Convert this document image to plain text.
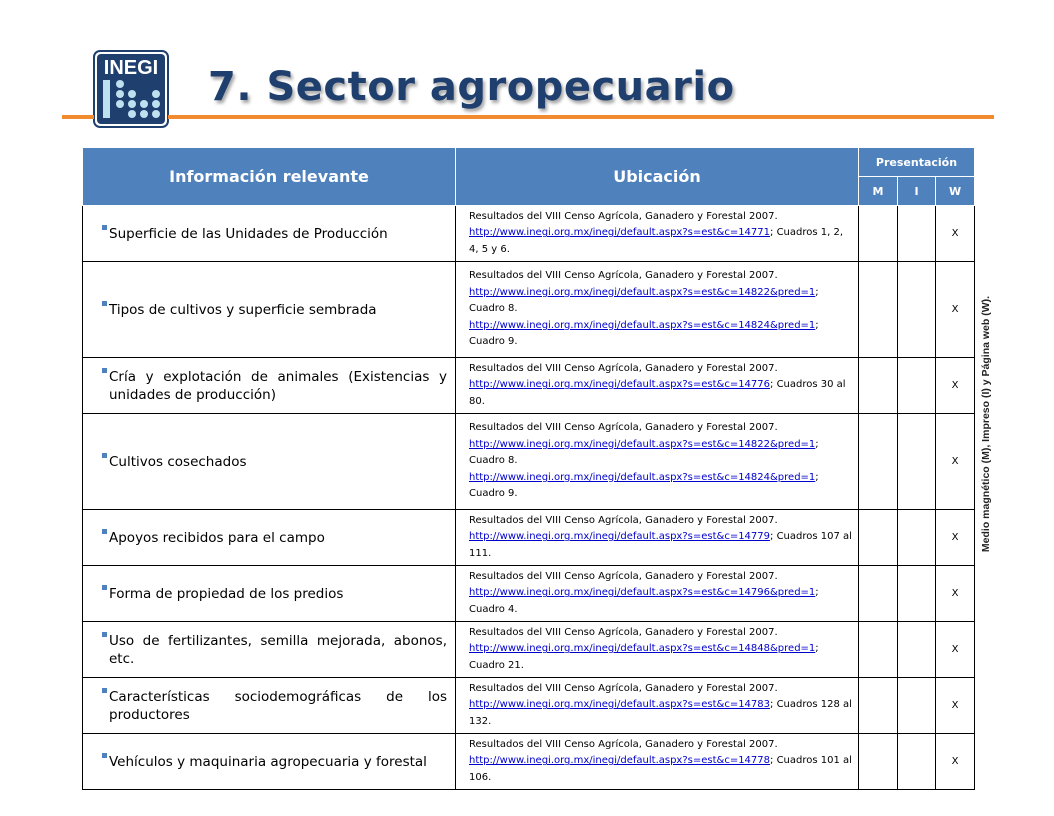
INEGI 7. Sector agropecuario
Información relevante	Ubicación	Presentación		
		M	I	W

Superficie de las Unidades de Producción	Resultados del VIII Censo Agrícola, Ganadero y Forestal 2007.
http://www.inegi.org.mx/inegi/default.aspx?s=est&c=14771; Cuadros 1, 2, 4, 5 y 6.			X

Tipos de cultivos y superficie sembrada	Resultados del VIII Censo Agrícola, Ganadero y Forestal 2007.
http://www.inegi.org.mx/inegi/default.aspx?s=est&c=14822&pred=1; Cuadro 8.
http://www.inegi.org.mx/inegi/default.aspx?s=est&c=14824&pred=1; Cuadro 9.			X

Cría y explotación de animales (Existencias y unidades de producción)	Resultados del VIII Censo Agrícola, Ganadero y Forestal 2007.
http://www.inegi.org.mx/inegi/default.aspx?s=est&c=14776; Cuadros 30 al 80.			X

Cultivos cosechados	Resultados del VIII Censo Agrícola, Ganadero y Forestal 2007.
http://www.inegi.org.mx/inegi/default.aspx?s=est&c=14822&pred=1; Cuadro 8.
http://www.inegi.org.mx/inegi/default.aspx?s=est&c=14824&pred=1; Cuadro 9.			X

Apoyos recibidos para el campo	Resultados del VIII Censo Agrícola, Ganadero y Forestal 2007.
http://www.inegi.org.mx/inegi/default.aspx?s=est&c=14779; Cuadros 107 al 111.			X

Forma de propiedad de los predios	Resultados del VIII Censo Agrícola, Ganadero y Forestal 2007.
http://www.inegi.org.mx/inegi/default.aspx?s=est&c=14796&pred=1; Cuadro 4.			X

Uso de fertilizantes, semilla mejorada, abonos, etc.	Resultados del VIII Censo Agrícola, Ganadero y Forestal 2007.
http://www.inegi.org.mx/inegi/default.aspx?s=est&c=14848&pred=1; Cuadro 21.			X

Características sociodemográficas de los productores	Resultados del VIII Censo Agrícola, Ganadero y Forestal 2007.
http://www.inegi.org.mx/inegi/default.aspx?s=est&c=14783; Cuadros 128 al 132.			X

Vehículos y maquinaria agropecuaria y forestal	Resultados del VIII Censo Agrícola, Ganadero y Forestal 2007.
http://www.inegi.org.mx/inegi/default.aspx?s=est&c=14778; Cuadros 101 al 106.			X
Medio magnético (M), Impreso (I) y Página web (W).
